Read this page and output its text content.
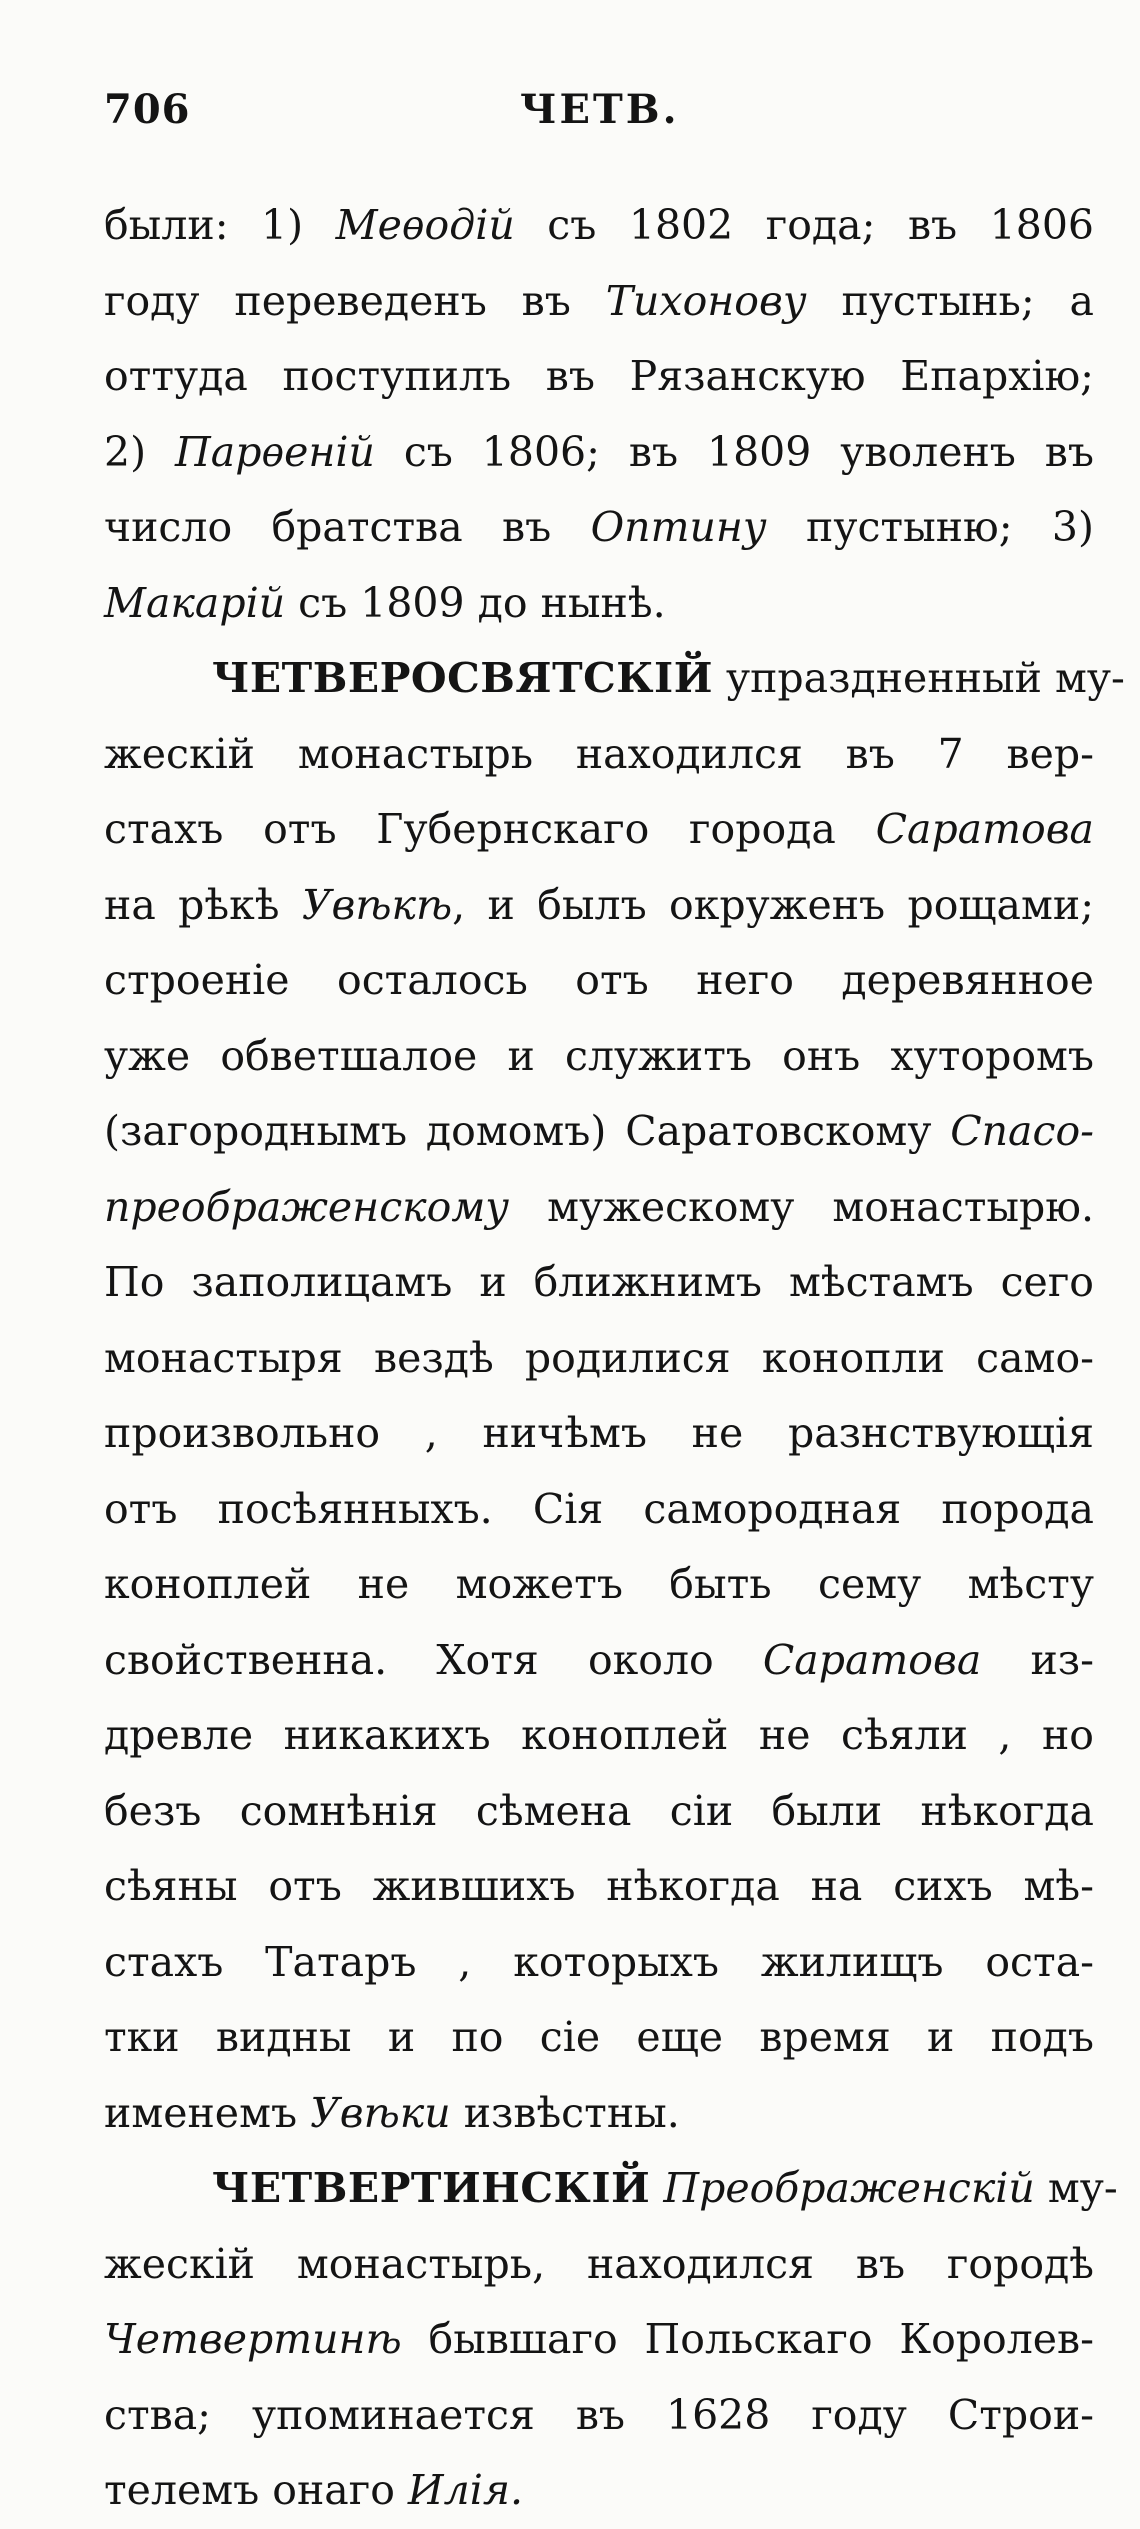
706	ЧЕТВ.
были: 1) Меѳодій съ 1802 года; въ 1806
году переведенъ въ Тихонову пустынь; а
оттуда поступилъ въ Рязанскую Епархію;
2) Парѳеній съ 1806; въ 1809 уволенъ въ
число братства въ Оптину пустыню; 3)
Макарій съ 1809 до нынѣ.
ЧЕТВЕРОСВЯТСКІЙ упраздненный му-
жескій монастырь находился въ 7 вер-
стахъ отъ Губернскаго города Саратова
на рѣкѣ Увѣкѣ, и былъ окруженъ рощами;
строеніе осталось отъ него деревянное
уже обветшалое и служитъ онъ хуторомъ
(загороднымъ домомъ) Саратовскому Спасо-
преображенскому мужескому монастырю.
По заполицамъ и ближнимъ мѣстамъ сего
монастыря вездѣ родилися конопли само-
произвольно , ничѣмъ не разнствующія
отъ посѣянныхъ. Сія самородная порода
коноплей не можетъ быть сему мѣсту
свойственна. Хотя около Саратова из-
древле никакихъ коноплей не сѣяли , но
безъ сомнѣнія сѣмена сіи были нѣкогда
сѣяны отъ жившихъ нѣкогда на сихъ мѣ-
стахъ Татаръ , которыхъ жилищъ оста-
тки видны и по сіе еще время и подъ
именемъ Увѣки извѣстны.
ЧЕТВЕРТИНСКІЙ Преображенскій му-
жескій монастырь, находился въ городѣ
Четвертинѣ бывшаго Польскаго Королев-
ства; упоминается въ 1628 году Строи-
телемъ онаго Илія.
